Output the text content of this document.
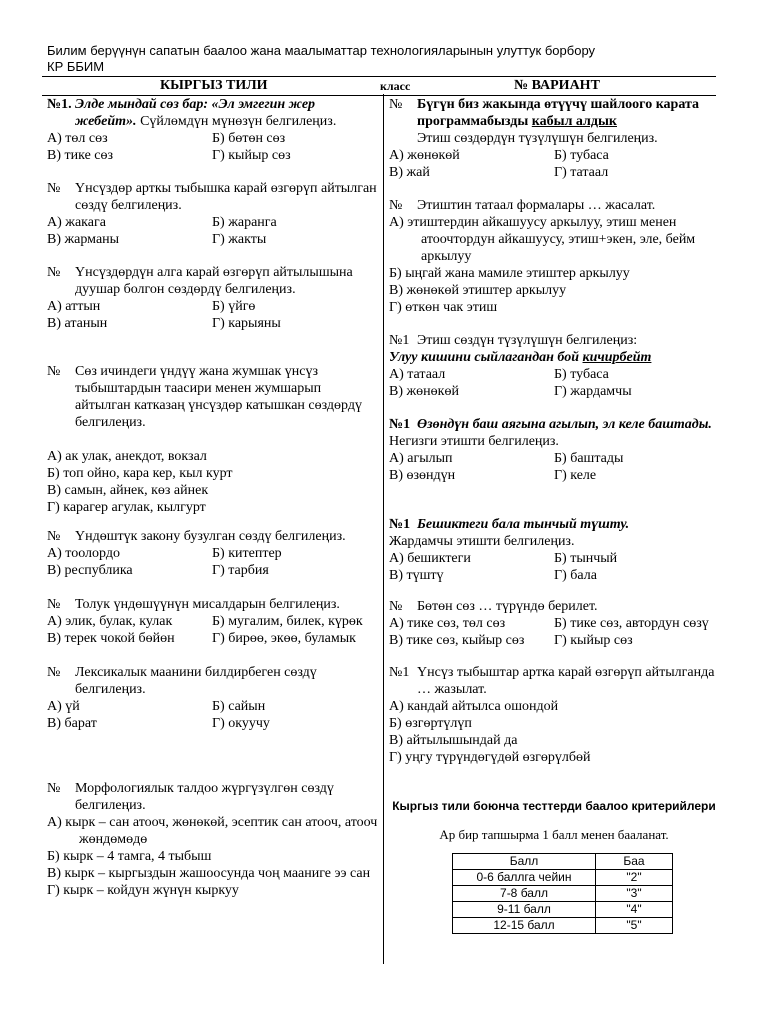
Билим берүүнүн сапатын баалоо жана маалыматтар технологияларынын улуттук борбору
КР ББИМ
КЫРГЫЗ ТИЛИ	класс	№ ВАРИАНТ
№1. Элде мындай сөз бар: «Эл эмгегин жер жебейт». Сүйлөмдүн мүнөзүн белгилеңиз.
А) төл сөз	Б) бөтөн сөз
В) тике сөз	Г) кыйыр сөз
№	Үнсүздөр арткы тыбышка карай өзгөрүп айтылган сөздү белгилеңиз.
А) жакага	Б) жаранга
В) жарманы	Г) жакты
№	Үнсүздөрдүн алга карай өзгөрүп айтылышына дуушар болгон сөздөрдү белгилеңиз.
А) аттын	Б) үйгө
В) атанын	Г) карыяны
№	Сөз ичиндеги үндүү жана жумшак үнсүз тыбыштардын таасири менен жумшарып айтылган катказаң үнсүздөр катышкан сөздөрдү белгилеңиз.
А) ак улак, анекдот, вокзал
Б) топ ойно, кара кер, кыл курт
В) самын, айнек, көз айнек
Г) карагер агулак, кылгурт
№	Үндөштүк закону бузулган сөздү белгилеңиз.
А) тоолордо	Б) китептер
В) республика	Г) тарбия
№	Толук үндөшүүнүн мисалдарын белгилеңиз.
А) элик, булак, кулак	Б) мугалим, билек, күрөк
В) терек чокой бөйөн	Г) бирөө, экөө, буламык
№	Лексикалык маанини билдирбеген сөздү белгилеңиз.
А) үй	Б) сайын
В) барат	Г) окуучу
№	Морфологиялык талдоо жүргүзүлгөн сөздү белгилеңиз.
А) кырк – сан атооч, жөнөкөй, эсептик сан атооч, атооч жөндөмөдө
Б) кырк – 4 тамга, 4 тыбыш
В) кырк – кыргыздын жашоосунда чоң мааниге ээ сан
Г) кырк – койдун жүнүн кыркуу
№	Бүгүн биз жакында өтүүчү шайлоого карата программабызды кабыл алдык
Этиш сөздөрдүн түзүлүшүн белгилеңиз.
А) жөнөкөй	Б) тубаса
В) жай	Г) татаал
№	Этиштин татаал формалары … жасалат.
А) этиштердин айкашуусу аркылуу, этиш менен атоочтордун айкашуусу, этиш+экен, эле, бейм аркылуу
Б) ыңгай жана мамиле этиштер аркылуу
В) жөнөкөй этиштер аркылуу
Г) өткөн чак этиш
№1 Этиш сөздүн түзүлүшүн белгилеңиз:
Улуу кишини сыйлагандан бой кичирбейт
А) татаал	Б) тубаса
В) жөнөкөй	Г) жардамчы
№1 Өзөндүн баш аягына агылып, эл келе баштады.
Негизги этишти белгилеңиз.
А) агылып	Б) баштады
В) өзөндүн	Г) келе
№1 Бешиктеги бала тынчый түшту.
Жардамчы этишти белгилеңиз.
А) бешиктеги	Б) тынчый
В) түштү	Г) бала
№	Бөтөн сөз … түрүндө берилет.
А) тике сөз, төл сөз	Б) тике сөз, автордун сөзү
В) тике сөз, кыйыр сөз	Г) кыйыр сөз
№1 Үнсүз тыбыштар артка карай өзгөрүп айтылганда … жазылат.
А) кандай айтылса ошондой
Б) өзгөртүлүп
В) айтылышындай да
Г) уңгу түрүндөгүдөй өзгөрүлбөй
Кыргыз тили боюнча тесттерди баалоо критерийлери
Ар бир тапшырма 1 балл менен бааланат.
Балл	Баа
0-6 баллга чейин	"2"
7-8 балл	"3"
9-11 балл	"4"
12-15 балл	"5"
